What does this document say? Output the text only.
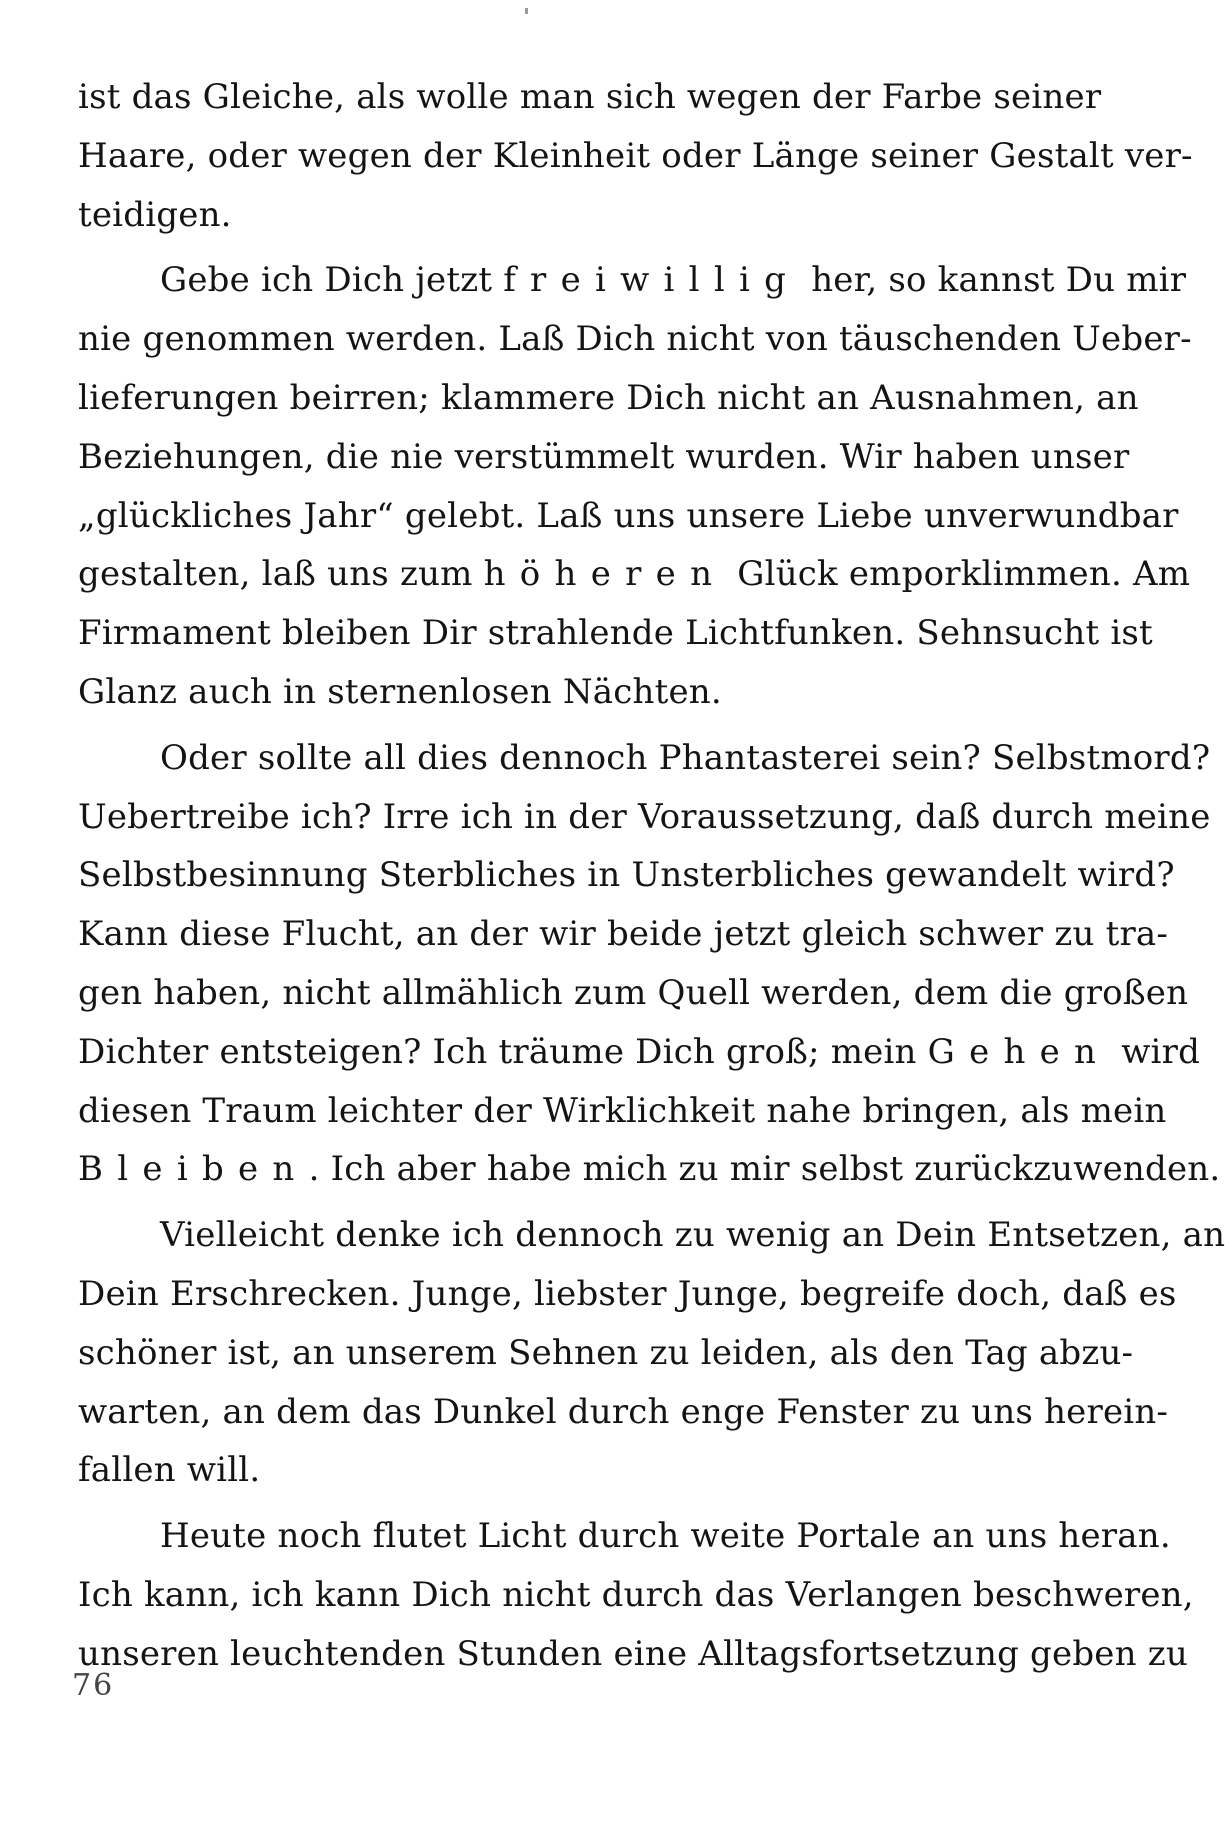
ist das Gleiche, als wolle man sich wegen der Farbe seiner
Haare, oder wegen der Kleinheit oder Länge seiner Gestalt ver-
teidigen.
Gebe ich Dich jetzt freiwillig her, so kannst Du mir
nie genommen werden. Laß Dich nicht von täuschenden Ueber-
lieferungen beirren; klammere Dich nicht an Ausnahmen, an
Beziehungen, die nie verstümmelt wurden. Wir haben unser
„glückliches Jahr“ gelebt. Laß uns unsere Liebe unverwundbar
gestalten, laß uns zum höheren Glück emporklimmen. Am
Firmament bleiben Dir strahlende Lichtfunken. Sehnsucht ist
Glanz auch in sternenlosen Nächten.
Oder sollte all dies dennoch Phantasterei sein? Selbstmord?
Uebertreibe ich? Irre ich in der Voraussetzung, daß durch meine
Selbstbesinnung Sterbliches in Unsterbliches gewandelt wird?
Kann diese Flucht, an der wir beide jetzt gleich schwer zu tra-
gen haben, nicht allmählich zum Quell werden, dem die großen
Dichter entsteigen? Ich träume Dich groß; mein Gehen wird
diesen Traum leichter der Wirklichkeit nahe bringen, als mein
Bleiben. Ich aber habe mich zu mir selbst zurückzuwenden.
Vielleicht denke ich dennoch zu wenig an Dein Entsetzen, an
Dein Erschrecken. Junge, liebster Junge, begreife doch, daß es
schöner ist, an unserem Sehnen zu leiden, als den Tag abzu-
warten, an dem das Dunkel durch enge Fenster zu uns herein-
fallen will.
Heute noch flutet Licht durch weite Portale an uns heran.
Ich kann, ich kann Dich nicht durch das Verlangen beschweren,
unseren leuchtenden Stunden eine Alltagsfortsetzung geben zu
76
